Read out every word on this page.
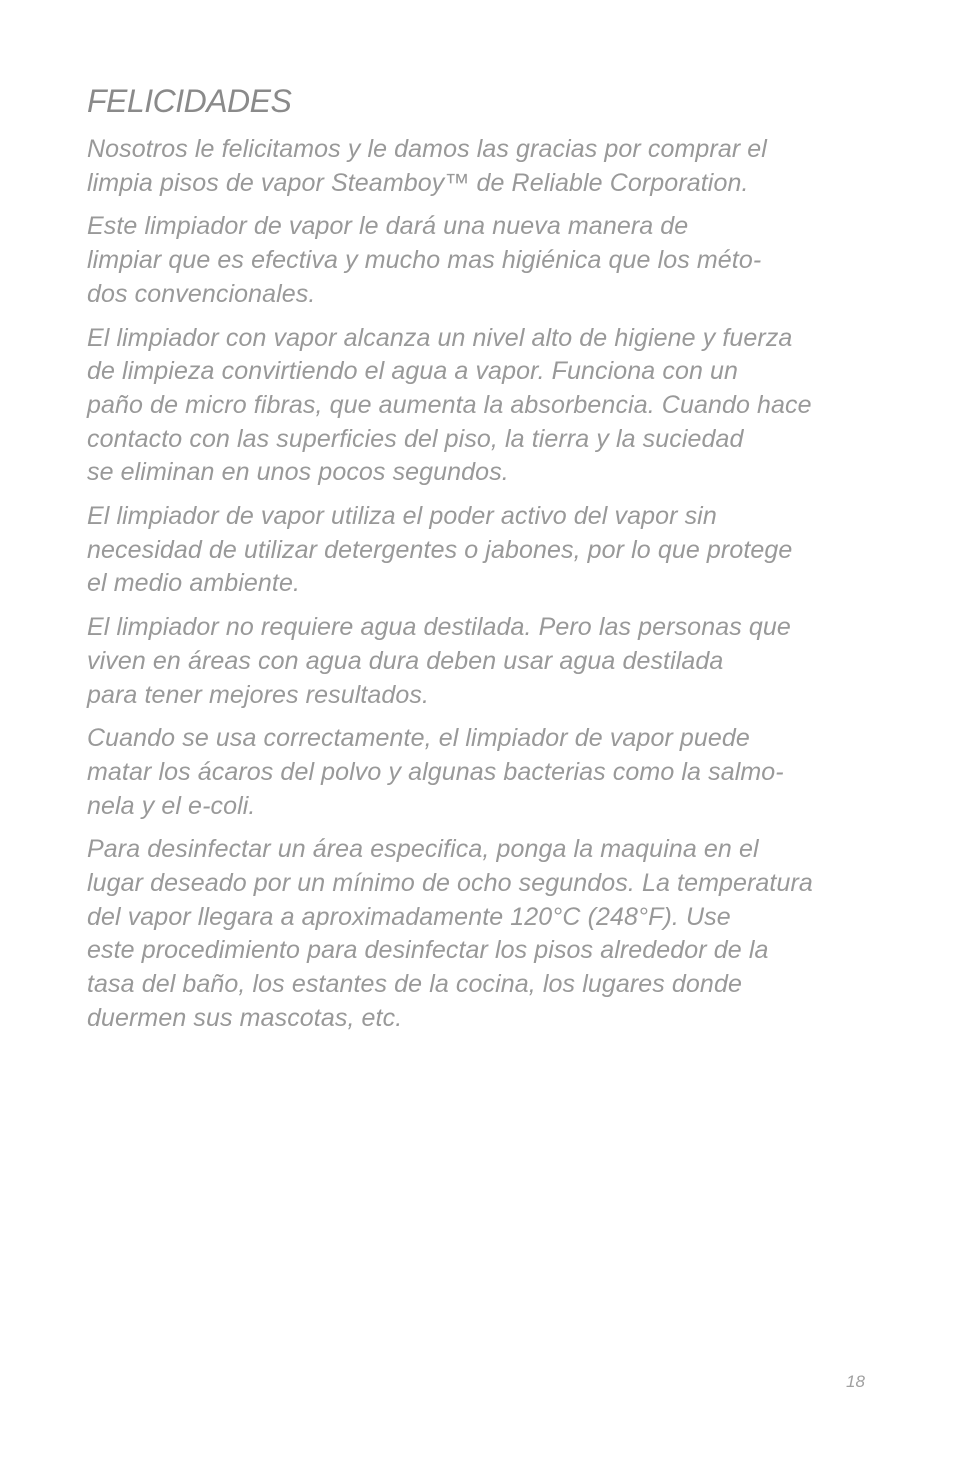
FELICIDADES

Nosotros le felicitamos y le damos las gracias por comprar el
limpia pisos de vapor Steamboy™ de Reliable Corporation.

Este limpiador de vapor le dará una nueva manera de
limpiar que es efectiva y mucho mas higiénica que los méto-
dos convencionales.

El limpiador con vapor alcanza un nivel alto de higiene y fuerza
de limpieza convirtiendo el agua a vapor. Funciona con un
paño de micro fibras, que aumenta la absorbencia. Cuando hace
contacto con las superficies del piso, la tierra y la suciedad
se eliminan en unos pocos segundos.

El limpiador de vapor utiliza el poder activo del vapor sin
necesidad de utilizar detergentes o jabones, por lo que protege
el medio ambiente.

El limpiador no requiere agua destilada. Pero las personas que
viven en áreas con agua dura deben usar agua destilada
para tener mejores resultados.

Cuando se usa correctamente, el limpiador de vapor puede
matar los ácaros del polvo y algunas bacterias como la salmo-
nela y el e-coli.

Para desinfectar un área especifica, ponga la maquina en el
lugar deseado por un mínimo de ocho segundos. La temperatura
del vapor llegara a aproximadamente 120°C (248°F). Use
este procedimiento para desinfectar los pisos alrededor de la
tasa del baño, los estantes de la cocina, los lugares donde
duermen sus mascotas, etc.

18
